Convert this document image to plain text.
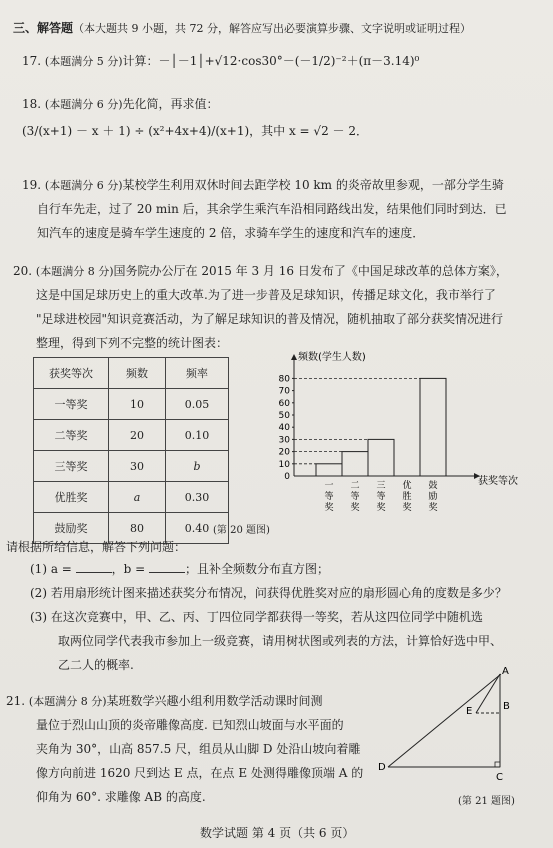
三、解答题（本大题共 9 小题，共 72 分，解答应写出必要演算步骤、文字说明或证明过程）
17. (本题满分 5 分)计算：－│－1│+√12·cos30°－(－1/2)⁻²＋(π－3.14)⁰
18. (本题满分 6 分)先化简，再求值：
(3/(x+1) － x ＋ 1) ÷ (x²+4x+4)/(x+1)，其中 x = √2 － 2．
19. (本题满分 6 分)某校学生利用双休时间去距学校 10 km 的炎帝故里参观，一部分学生骑
自行车先走，过了 20 min 后，其余学生乘汽车沿相同路线出发，结果他们同时到达．已
知汽车的速度是骑车学生速度的 2 倍，求骑车学生的速度和汽车的速度．
20. (本题满分 8 分)国务院办公厅在 2015 年 3 月 16 日发布了《中国足球改革的总体方案》，
这是中国足球历史上的重大改革.为了进一步普及足球知识，传播足球文化，我市举行了
"足球进校园"知识竞赛活动，为了解足球知识的普及情况，随机抽取了部分获奖情况进行
整理，得到下列不完整的统计图表：
获奖等次	频数	频率
一等奖	10	0.05
二等奖	20	0.10
三等奖	30	b
优胜奖	a	0.30
鼓励奖	80	0.40
0
10
20
30
40
50
60
70
80
一等奖
二等奖
三等奖
优胜奖
鼓励奖
频数(学生人数)
获奖等次
(第 20 题图)
请根据所给信息，解答下列问题：
(1) a =	，b =	；且补全频数分布直方图；
(2) 若用扇形统计图来描述获奖分布情况，问获得优胜奖对应的扇形圆心角的度数是多少？
(3) 在这次竞赛中，甲、乙、丙、丁四位同学都获得一等奖，若从这四位同学中随机选
取两位同学代表我市参加上一级竞赛，请用树状图或列表的方法，计算恰好选中甲、
乙二人的概率.
21. (本题满分 8 分)某班数学兴趣小组利用数学活动课时间测
量位于烈山山顶的炎帝雕像高度. 已知烈山坡面与水平面的
夹角为 30°，山高 857.5 尺，组员从山脚 D 处沿山坡向着雕
像方向前进 1620 尺到达 E 点，在点 E 处测得雕像顶端 A 的
仰角为 60°. 求雕像 AB 的高度.
A
B
C
D
E
(第 21 题图)
数学试题 第 4 页（共 6 页）
